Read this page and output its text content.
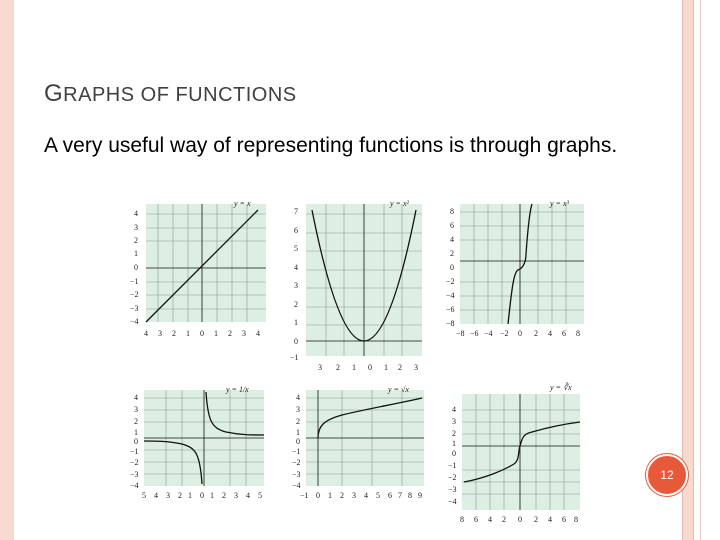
GRAPHS OF FUNCTIONS
A very useful way of representing functions is through graphs.
y = x
4
3
2
1
0
−1
−2
−3
−4
4 3 2 1 0 1 2 3 4
y = x²
7
6
5
4
3
2
1
0
−1
3 2 1 0 1 2 3
y = x³
8
6
4
2
0
−2
−4
−6
−8
−8 −6 −4 −2 0 2 4 6 8
y = 1/x
4
3
2
1
0
−1
−2
−3
−4
5 4 3 2 1 0 1 2 3 4 5
y = √x
4
3
2
1
0
−1
−2
−3
−4
−1 0 1 2 3 4 5 6 7 8 9
y = ∛x
4
3
2
1
0
−1
−2
−3
−4
8 6 4 2 0 2 4 6 8
12
